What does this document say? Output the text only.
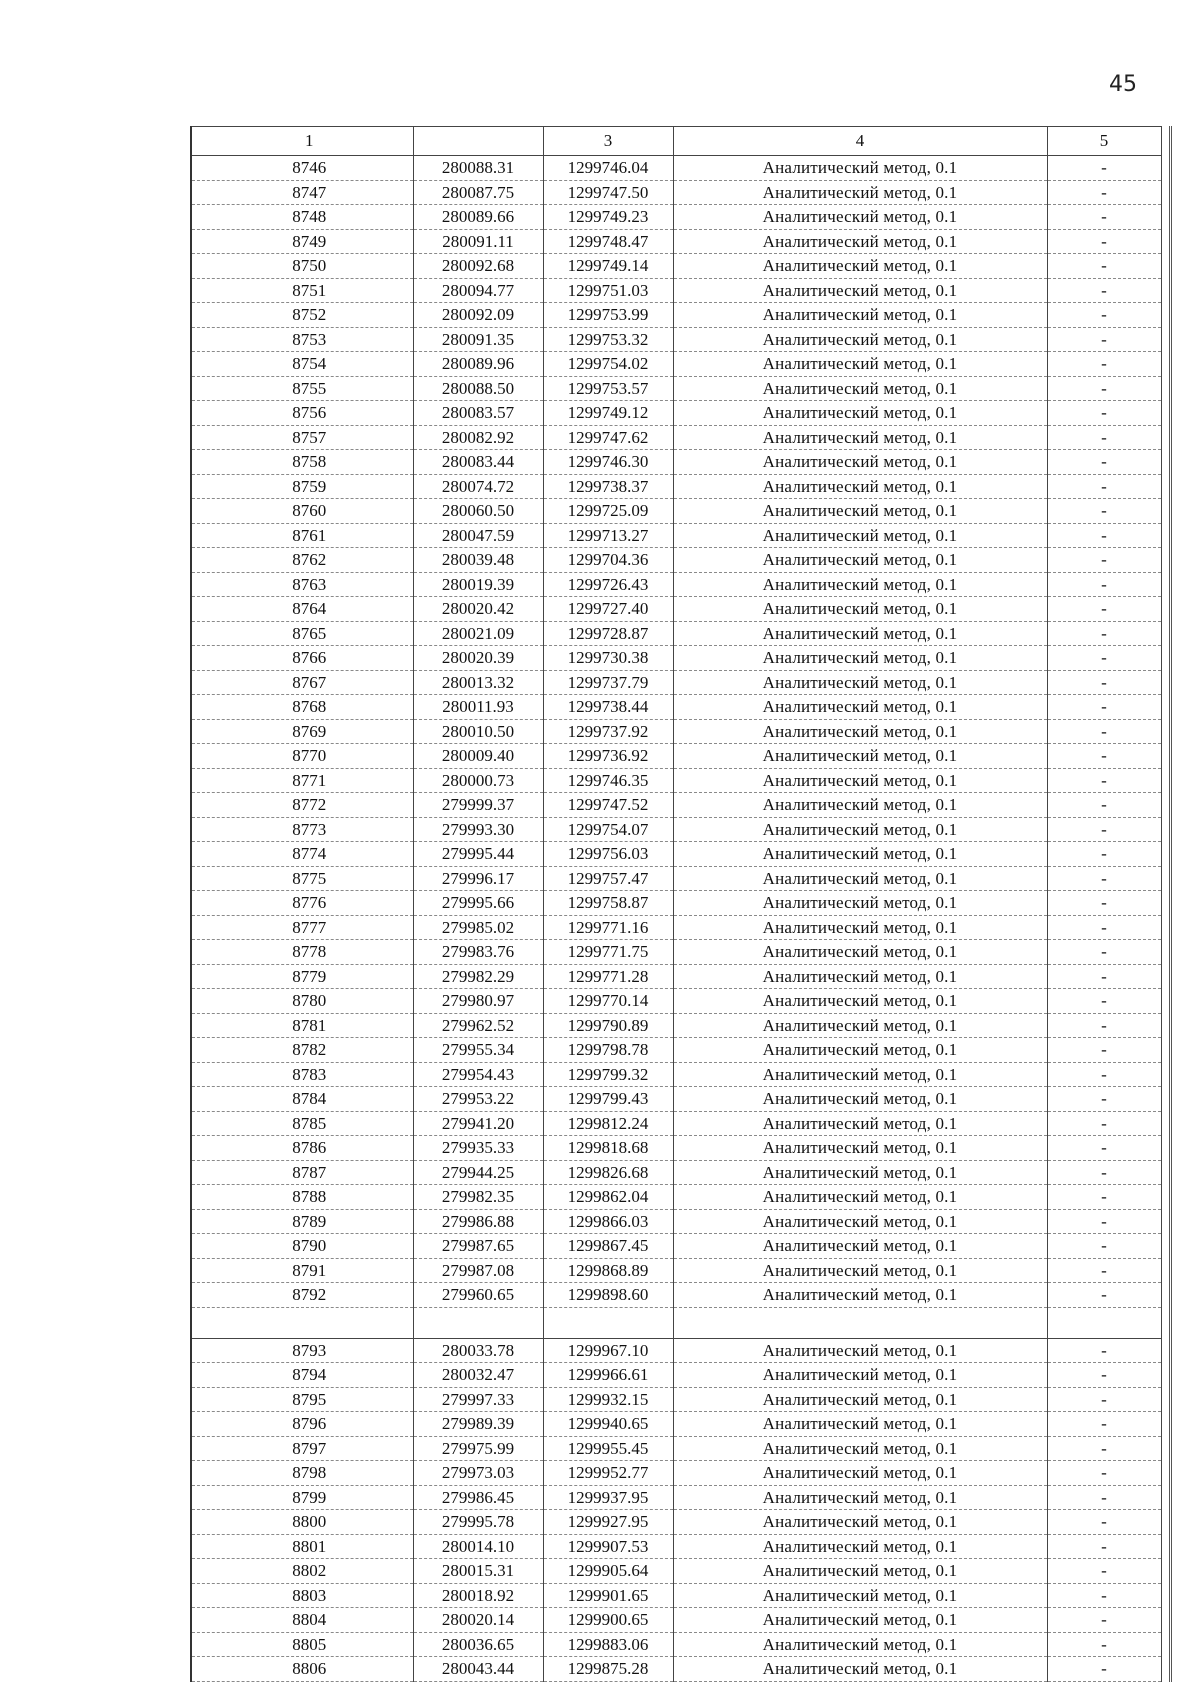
45
1		3	4	5
8746	280088.31	1299746.04	Аналитический метод, 0.1	-
8747	280087.75	1299747.50	Аналитический метод, 0.1	-
8748	280089.66	1299749.23	Аналитический метод, 0.1	-
8749	280091.11	1299748.47	Аналитический метод, 0.1	-
8750	280092.68	1299749.14	Аналитический метод, 0.1	-
8751	280094.77	1299751.03	Аналитический метод, 0.1	-
8752	280092.09	1299753.99	Аналитический метод, 0.1	-
8753	280091.35	1299753.32	Аналитический метод, 0.1	-
8754	280089.96	1299754.02	Аналитический метод, 0.1	-
8755	280088.50	1299753.57	Аналитический метод, 0.1	-
8756	280083.57	1299749.12	Аналитический метод, 0.1	-
8757	280082.92	1299747.62	Аналитический метод, 0.1	-
8758	280083.44	1299746.30	Аналитический метод, 0.1	-
8759	280074.72	1299738.37	Аналитический метод, 0.1	-
8760	280060.50	1299725.09	Аналитический метод, 0.1	-
8761	280047.59	1299713.27	Аналитический метод, 0.1	-
8762	280039.48	1299704.36	Аналитический метод, 0.1	-
8763	280019.39	1299726.43	Аналитический метод, 0.1	-
8764	280020.42	1299727.40	Аналитический метод, 0.1	-
8765	280021.09	1299728.87	Аналитический метод, 0.1	-
8766	280020.39	1299730.38	Аналитический метод, 0.1	-
8767	280013.32	1299737.79	Аналитический метод, 0.1	-
8768	280011.93	1299738.44	Аналитический метод, 0.1	-
8769	280010.50	1299737.92	Аналитический метод, 0.1	-
8770	280009.40	1299736.92	Аналитический метод, 0.1	-
8771	280000.73	1299746.35	Аналитический метод, 0.1	-
8772	279999.37	1299747.52	Аналитический метод, 0.1	-
8773	279993.30	1299754.07	Аналитический метод, 0.1	-
8774	279995.44	1299756.03	Аналитический метод, 0.1	-
8775	279996.17	1299757.47	Аналитический метод, 0.1	-
8776	279995.66	1299758.87	Аналитический метод, 0.1	-
8777	279985.02	1299771.16	Аналитический метод, 0.1	-
8778	279983.76	1299771.75	Аналитический метод, 0.1	-
8779	279982.29	1299771.28	Аналитический метод, 0.1	-
8780	279980.97	1299770.14	Аналитический метод, 0.1	-
8781	279962.52	1299790.89	Аналитический метод, 0.1	-
8782	279955.34	1299798.78	Аналитический метод, 0.1	-
8783	279954.43	1299799.32	Аналитический метод, 0.1	-
8784	279953.22	1299799.43	Аналитический метод, 0.1	-
8785	279941.20	1299812.24	Аналитический метод, 0.1	-
8786	279935.33	1299818.68	Аналитический метод, 0.1	-
8787	279944.25	1299826.68	Аналитический метод, 0.1	-
8788	279982.35	1299862.04	Аналитический метод, 0.1	-
8789	279986.88	1299866.03	Аналитический метод, 0.1	-
8790	279987.65	1299867.45	Аналитический метод, 0.1	-
8791	279987.08	1299868.89	Аналитический метод, 0.1	-
8792	279960.65	1299898.60	Аналитический метод, 0.1	-

8793	280033.78	1299967.10	Аналитический метод, 0.1	-
8794	280032.47	1299966.61	Аналитический метод, 0.1	-
8795	279997.33	1299932.15	Аналитический метод, 0.1	-
8796	279989.39	1299940.65	Аналитический метод, 0.1	-
8797	279975.99	1299955.45	Аналитический метод, 0.1	-
8798	279973.03	1299952.77	Аналитический метод, 0.1	-
8799	279986.45	1299937.95	Аналитический метод, 0.1	-
8800	279995.78	1299927.95	Аналитический метод, 0.1	-
8801	280014.10	1299907.53	Аналитический метод, 0.1	-
8802	280015.31	1299905.64	Аналитический метод, 0.1	-
8803	280018.92	1299901.65	Аналитический метод, 0.1	-
8804	280020.14	1299900.65	Аналитический метод, 0.1	-
8805	280036.65	1299883.06	Аналитический метод, 0.1	-
8806	280043.44	1299875.28	Аналитический метод, 0.1	-
